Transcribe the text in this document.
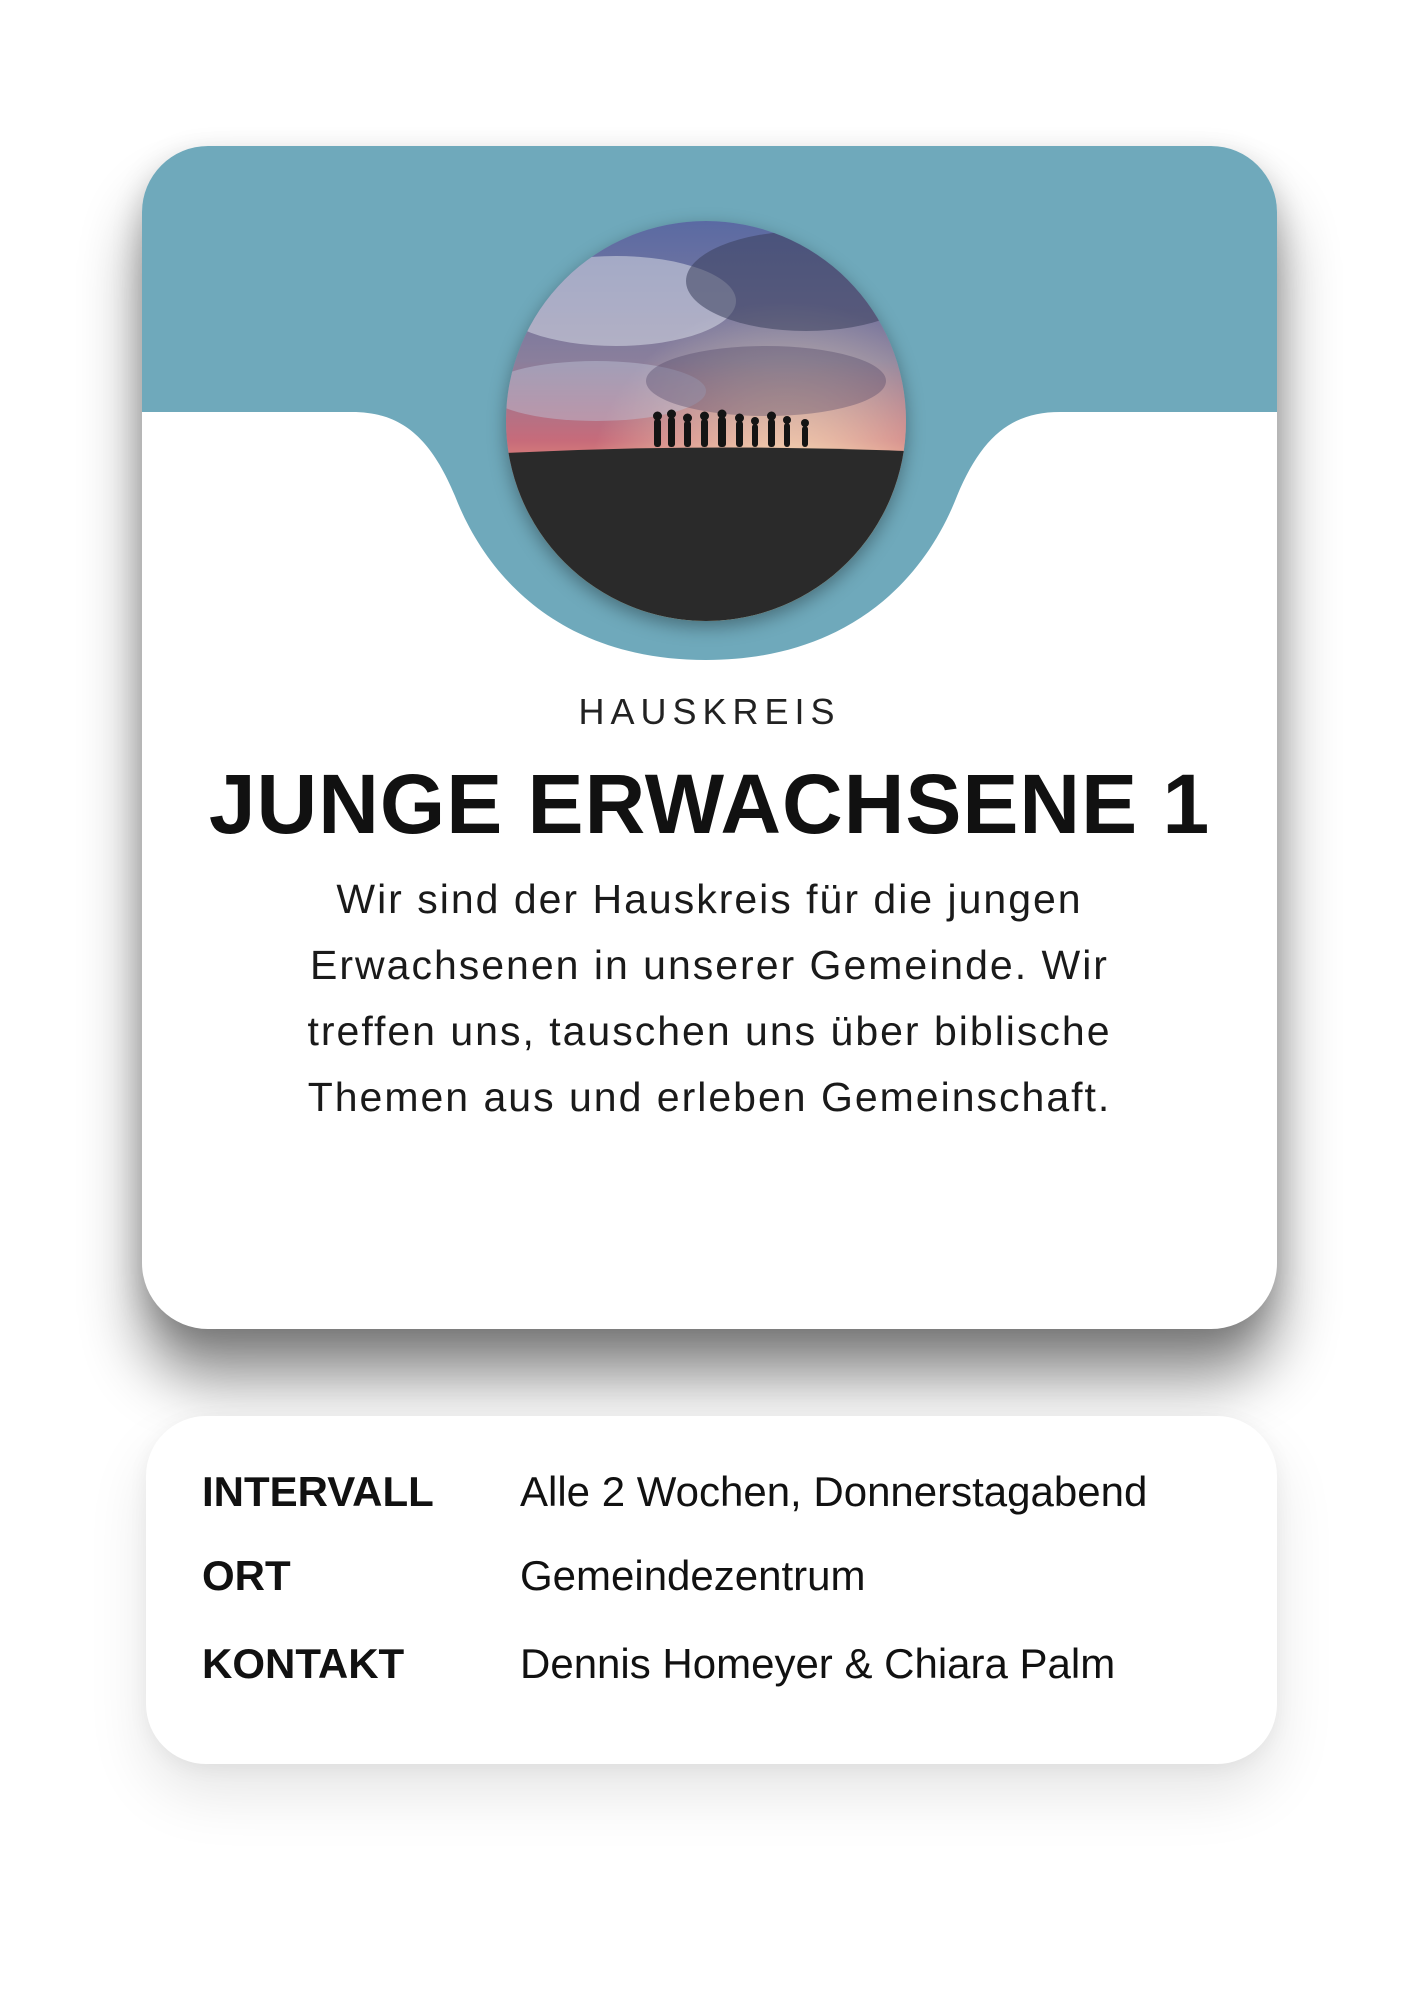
HAUSKREIS
JUNGE ERWACHSENE 1
Wir sind der Hauskreis für die jungen
Erwachsenen in unserer Gemeinde. Wir
treffen uns, tauschen uns über biblische
Themen aus und erleben Gemeinschaft.
INTERVALL Alle 2 Wochen, Donnerstagabend
ORT	Gemeindezentrum
KONTAKT	Dennis Homeyer & Chiara Palm
